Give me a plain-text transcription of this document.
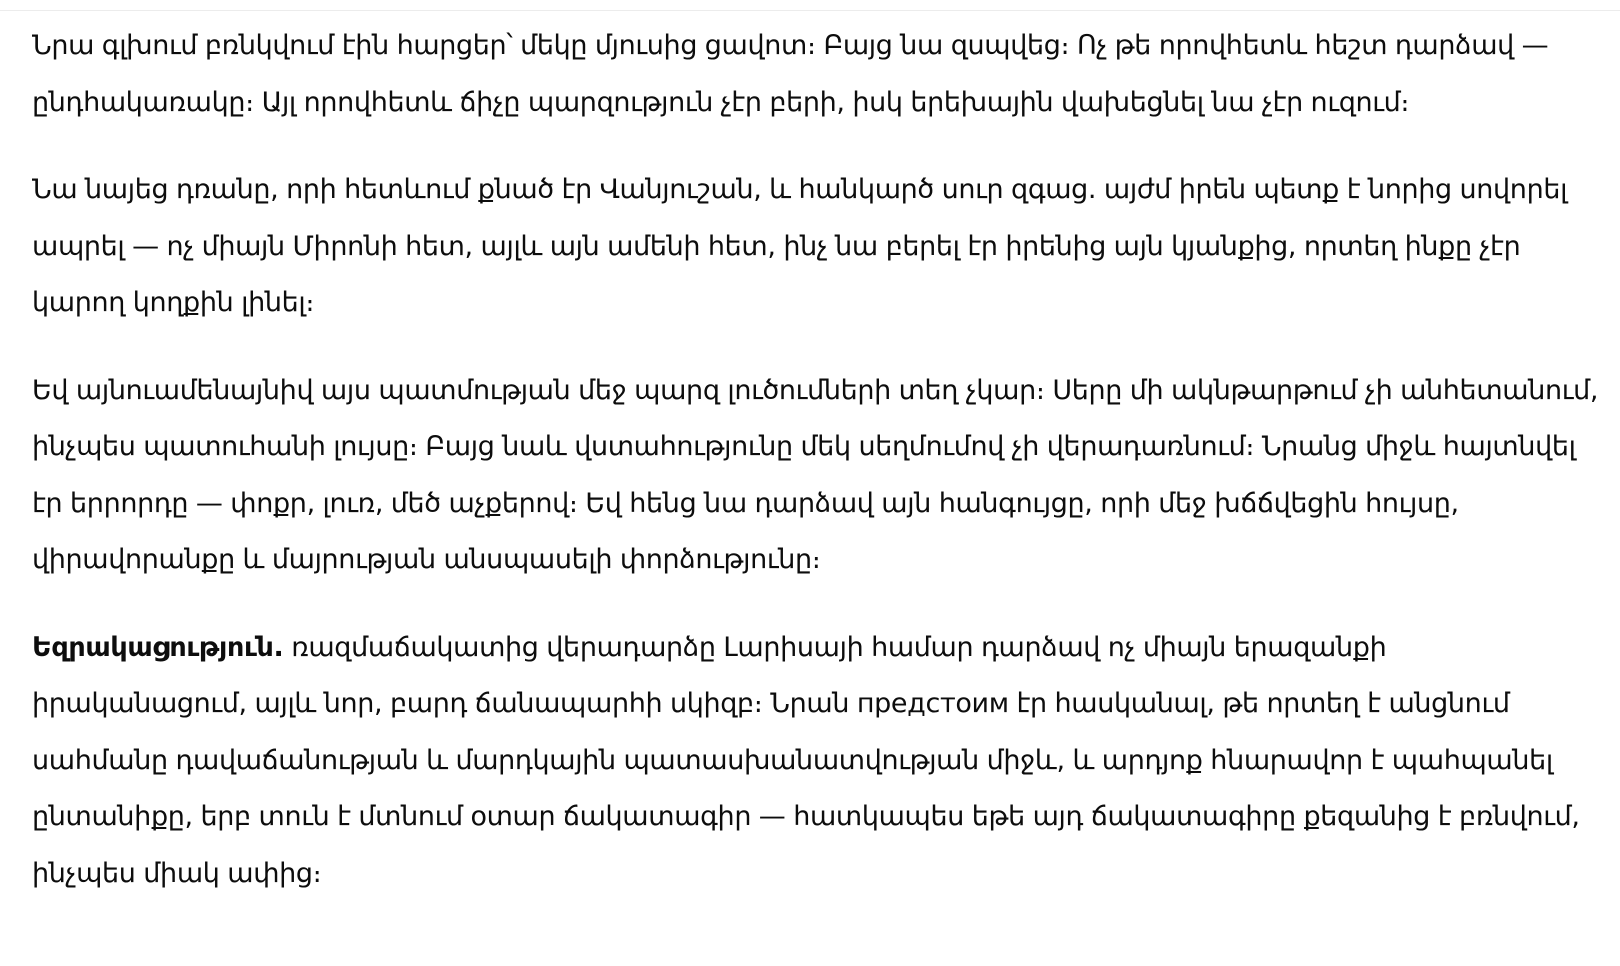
Նրա գլխում բռնկվում էին հարցեր՝ մեկը մյուսից ցավոտ։ Բայց նա զսպվեց։ Ոչ թե որովհետև հեշտ դարձավ — ընդհակառակը։ Այլ որովհետև ճիչը պարզություն չէր բերի, իսկ երեխային վախեցնել նա չէր ուզում։

Նա նայեց դռանը, որի հետևում քնած էր Վանյուշան, և հանկարծ սուր զգաց. այժմ իրեն պետք է նորից սովորել ապրել — ոչ միայն Միրոնի հետ, այլև այն ամենի հետ, ինչ նա բերել էր իրենից այն կյանքից, որտեղ ինքը չէր կարող կողքին լինել։

Եվ այնուամենայնիվ այս պատմության մեջ պարզ լուծումների տեղ չկար։ Սերը մի ակնթարթում չի անհետանում, ինչպես պատուհանի լույսը։ Բայց նաև վստահությունը մեկ սեղմումով չի վերադառնում։ Նրանց միջև հայտնվել էր երրորդը — փոքր, լուռ, մեծ աչքերով։ Եվ հենց նա դարձավ այն հանգույցը, որի մեջ խճճվեցին հույսը, վիրավորանքը և մայրության անսպասելի փորձությունը։

Եզրակացություն. ռազմաճակատից վերադարձը Լարիսայի համար դարձավ ոչ միայն երազանքի իրականացում, այլև նոր, բարդ ճանապարհի սկիզբ։ Նրան предстоим էր հասկանալ, թե որտեղ է անցնում սահմանը դավաճանության և մարդկային պատասխանատվության միջև, և արդյոք հնարավոր է պահպանել ընտանիքը, երբ տուն է մտնում օտար ճակատագիր — հատկապես եթե այդ ճակատագիրը քեզանից է բռնվում, ինչպես միակ ափից։
